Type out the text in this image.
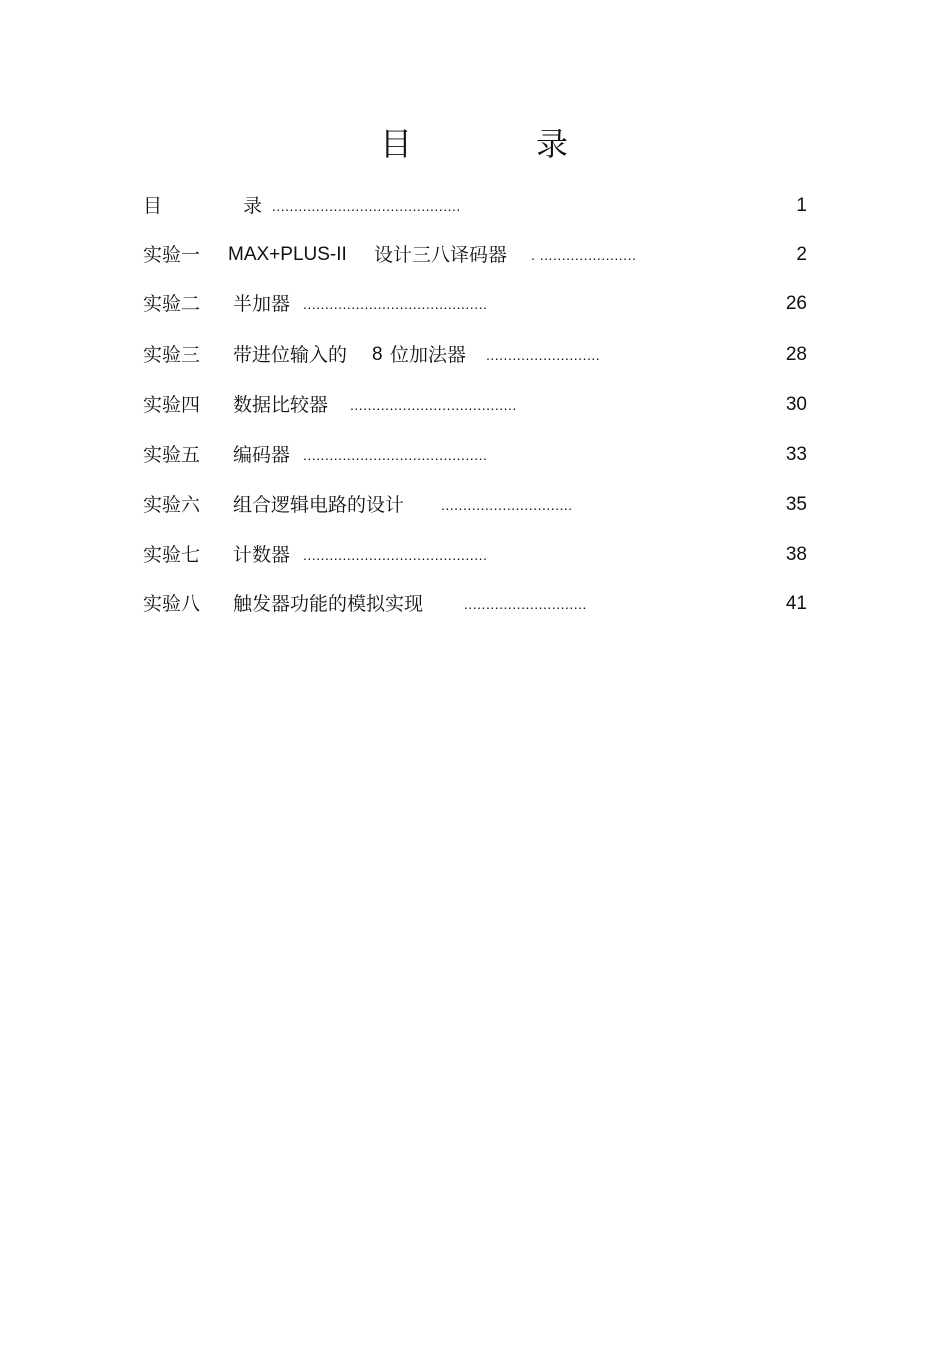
目	录
目	录 ...........................................	1
实验一 MAX+PLUS-II 设计三八译码器 . ......................	2
实验二 半加器 ..........................................	26
实验三 带进位输入的 8 位加法器 ..........................	28
实验四 数据比较器 ......................................	30
实验五 编码器 ..........................................	33
实验六 组合逻辑电路的设计	..............................	35
实验七 计数器 ..........................................	38
实验八 触发器功能的模拟实现	............................	41
